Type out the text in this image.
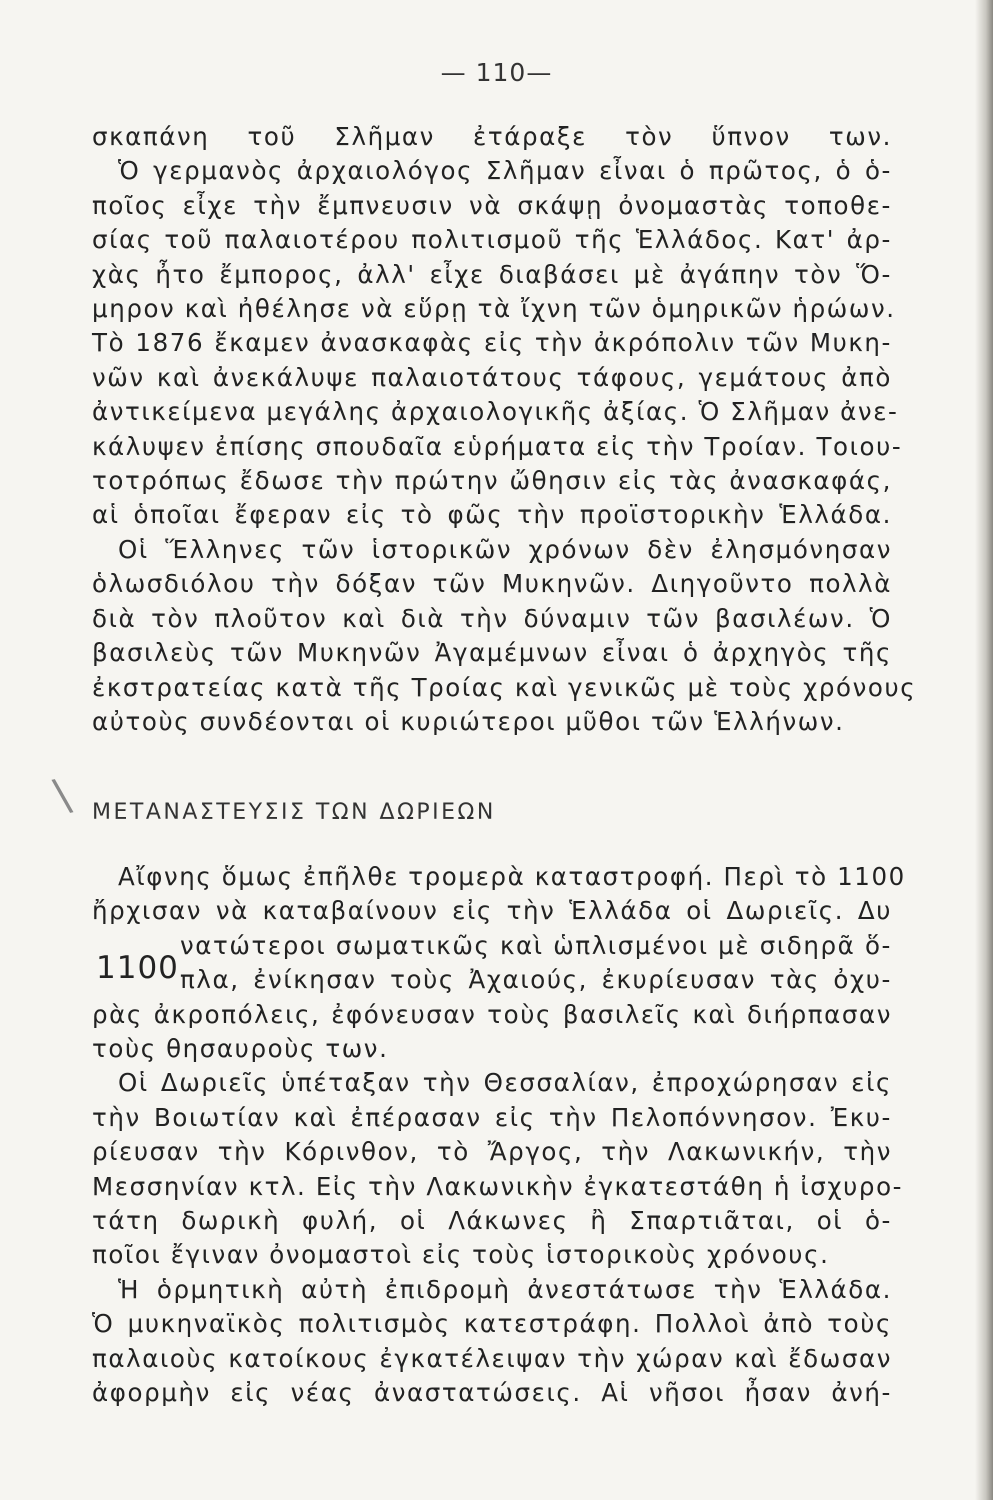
— 110—
σκαπάνη τοῦ Σλῆμαν ἐτάραξε τὸν ὕπνον των.
Ὁ γερμανὸς ἀρχαιολόγος Σλῆμαν εἶναι ὁ πρῶτος, ὁ ὁ-
ποῖος εἶχε τὴν ἔμπνευσιν νὰ σκάψῃ ὀνομαστὰς τοποθε-
σίας τοῦ παλαιοτέρου πολιτισμοῦ τῆς Ἑλλάδος. Κατ' ἀρ-
χὰς ἦτο ἔμπορος, ἀλλ' εἶχε διαβάσει μὲ ἀγάπην τὸν Ὅ-
μηρον καὶ ἠθέλησε νὰ εὕρῃ τὰ ἴχνη τῶν ὁμηρικῶν ἡρώων.
Τὸ 1876 ἔκαμεν ἀνασκαφὰς εἰς τὴν ἀκρόπολιν τῶν Μυκη-
νῶν καὶ ἀνεκάλυψε παλαιοτάτους τάφους, γεμάτους ἀπὸ
ἀντικείμενα μεγάλης ἀρχαιολογικῆς ἀξίας. Ὁ Σλῆμαν ἀνε-
κάλυψεν ἐπίσης σπουδαῖα εὑρήματα εἰς τὴν Τροίαν. Τοιου-
τοτρόπως ἔδωσε τὴν πρώτην ὤθησιν εἰς τὰς ἀνασκαφάς,
αἱ ὁποῖαι ἔφεραν εἰς τὸ φῶς τὴν προϊστορικὴν Ἑλλάδα.
Οἱ Ἕλληνες τῶν ἱστορικῶν χρόνων δὲν ἐλησμόνησαν
ὁλωσδιόλου τὴν δόξαν τῶν Μυκηνῶν. Διηγοῦντο πολλὰ
διὰ τὸν πλοῦτον καὶ διὰ τὴν δύναμιν τῶν βασιλέων. Ὁ
βασιλεὺς τῶν Μυκηνῶν Ἀγαμέμνων εἶναι ὁ ἀρχηγὸς τῆς
ἐκστρατείας κατὰ τῆς Τροίας καὶ γενικῶς μὲ τοὺς χρόνους
αὐτοὺς συνδέονται οἱ κυριώτεροι μῦθοι τῶν Ἑλλήνων.
\ ΜΕΤΑΝΑΣΤΕΥΣΙΣ ΤΩΝ ΔΩΡΙΕΩΝ
1100
Αἴφνης ὅμως ἐπῆλθε τρομερὰ καταστροφή. Περὶ τὸ 1100
ἤρχισαν νὰ καταβαίνουν εἰς τὴν Ἑλλάδα οἱ Δωριεῖς. Δυ
νατώτεροι σωματικῶς καὶ ὡπλισμένοι μὲ σιδηρᾶ ὅ-
πλα, ἐνίκησαν τοὺς Ἀχαιούς, ἐκυρίευσαν τὰς ὀχυ-
ρὰς ἀκροπόλεις, ἐφόνευσαν τοὺς βασιλεῖς καὶ διήρπασαν
τοὺς θησαυροὺς των.
Οἱ Δωριεῖς ὑπέταξαν τὴν Θεσσαλίαν, ἐπροχώρησαν εἰς
τὴν Βοιωτίαν καὶ ἐπέρασαν εἰς τὴν Πελοπόννησον. Ἐκυ-
ρίευσαν τὴν Κόρινθον, τὸ Ἄργος, τὴν Λακωνικήν, τὴν
Μεσσηνίαν κτλ. Εἰς τὴν Λακωνικὴν ἐγκατεστάθη ἡ ἰσχυρο-
τάτη δωρικὴ φυλή, οἱ Λάκωνες ἢ Σπαρτιᾶται, οἱ ὁ-
ποῖοι ἔγιναν ὀνομαστοὶ εἰς τοὺς ἱστορικοὺς χρόνους.
Ἡ ὁρμητικὴ αὐτὴ ἐπιδρομὴ ἀνεστάτωσε τὴν Ἑλλάδα.
Ὁ μυκηναϊκὸς πολιτισμὸς κατεστράφη. Πολλοὶ ἀπὸ τοὺς
παλαιοὺς κατοίκους ἐγκατέλειψαν τὴν χώραν καὶ ἔδωσαν
ἀφορμὴν εἰς νέας ἀναστατώσεις. Αἱ νῆσοι ἦσαν ἀνή-
